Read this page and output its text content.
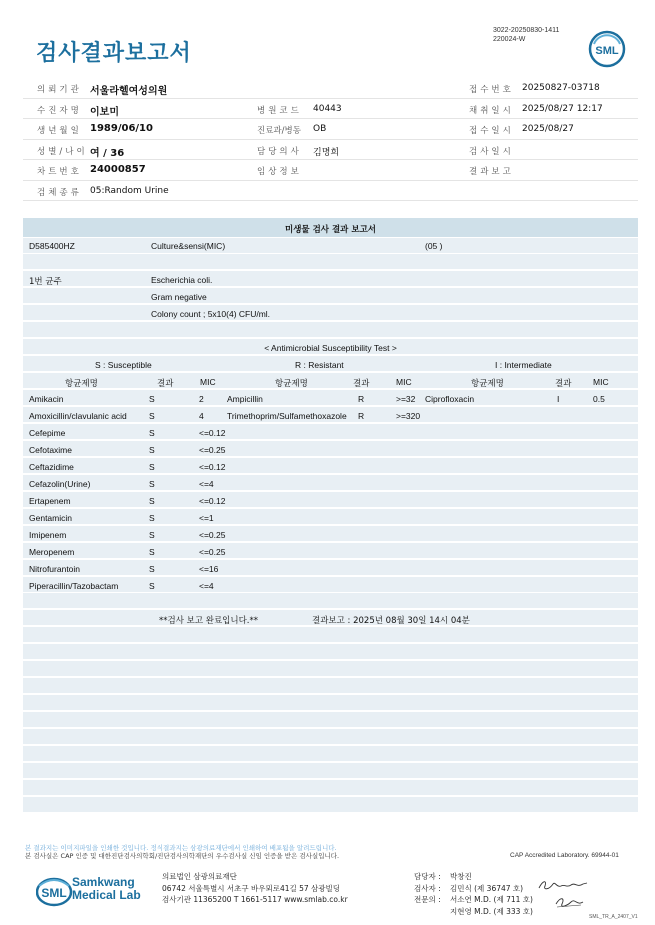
검사결과보고서
3022-20250830-1411
220024-W
SML
의뢰기관 서울라헬여성의원	접수번호 20250827-03718
수진자명 이보미	병원코드 40443	채취일시 2025/08/27 12:17
생년월일 1989/06/10	진료과/병동 OB	접수일시 2025/08/27
성별/나이 여 / 36	담당의사 김명희	검사일시
차트번호 24000857	임상정보	결과보고
검체종류 05:Random Urine
미생물 검사 결과 보고서
D585400HZ	Culture&sensi(MIC)	(05 )
1번 균주	Escherichia coli.
Gram negative
Colony count ; 5x10(4) CFU/ml.
< Antimicrobial Susceptibility Test >
S : Susceptible	R : Resistant	I : Intermediate
항균제명	결과	MIC	항균제명	결과	MIC	항균제명	결과	MIC
Amikacin	S	2	Ampicillin	R	>=32 Ciprofloxacin	I	0.5
Amoxicillin/clavulanic acid	S	4	Trimethoprim/Sulfamethoxazole R	>=320
Cefepime	S	<=0.12
Cefotaxime	S	<=0.25
Ceftazidime	S	<=0.12
Cefazolin(Urine)	S	<=4
Ertapenem	S	<=0.12
Gentamicin	S	<=1
Imipenem	S	<=0.25
Meropenem	S	<=0.25
Nitrofurantoin	S	<=16
Piperacillin/Tazobactam	S	<=4
**검사 보고 완료입니다.**	결과보고 : 2025년 08월 30일 14시 04분
본 결과지는 이미지파일을 인쇄한 것입니다. 정식결과지는 삼광의료재단에서 인쇄하여 배포됨을 알려드립니다.
본 검사실은 CAP 인증 및 대한진단검사의학회/진단검사의학재단의 우수검사실 신임 인증을 받은 검사실입니다.	CAP Accredited Laboratory. 69944-01
SML
Samkwang
Medical Lab
의료법인 삼광의료재단
06742 서울특별시 서초구 바우뫼로41길 57 삼광빌딩
검사기관 11365200 T 1661-5117 www.smlab.co.kr
담당자 : 박창진
검사자 : 김민식 (제 36747 호)
전문의 : 서소연 M.D. (제 711 호)
지현영 M.D. (제 333 호)
SML_TR_A_2407_V1
